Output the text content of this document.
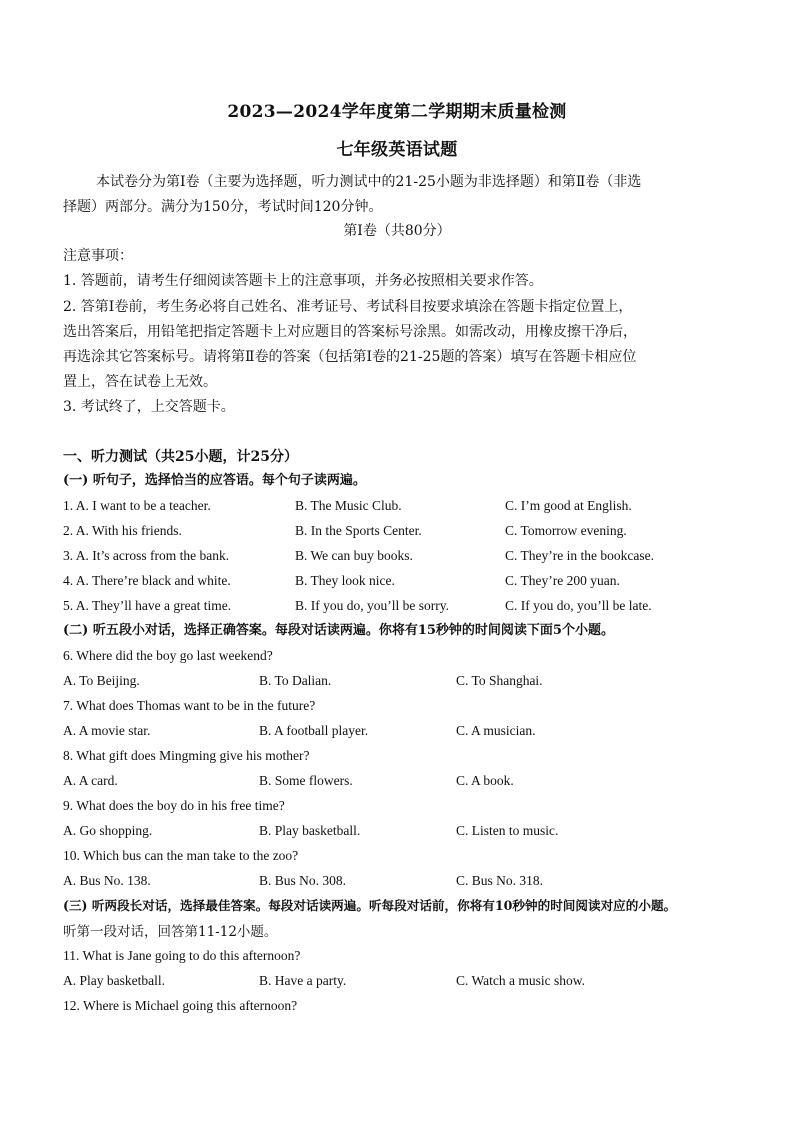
2023—2024学年度第二学期期末质量检测
七年级英语试题
本试卷分为第Ⅰ卷（主要为选择题，听力测试中的21-25小题为非选择题）和第Ⅱ卷（非选
择题）两部分。满分为150分，考试时间120分钟。
第Ⅰ卷（共80分）
注意事项：
1. 答题前，请考生仔细阅读答题卡上的注意事项，并务必按照相关要求作答。
2. 答第Ⅰ卷前，考生务必将自己姓名、准考证号、考试科目按要求填涂在答题卡指定位置上，
选出答案后，用铅笔把指定答题卡上对应题目的答案标号涂黑。如需改动，用橡皮擦干净后，
再选涂其它答案标号。请将第Ⅱ卷的答案（包括第Ⅰ卷的21-25题的答案）填写在答题卡相应位
置上，答在试卷上无效。
3. 考试终了，上交答题卡。
一、听力测试（共25小题，计25分）
(一) 听句子，选择恰当的应答语。每个句子读两遍。
1. A. I want to be a teacher.	B. The Music Club.	C. I’m good at English.
2. A. With his friends.	B. In the Sports Center.	C. Tomorrow evening.
3. A. It’s across from the bank.	B. We can buy books.	C. They’re in the bookcase.
4. A. There’re black and white.	B. They look nice.	C. They’re 200 yuan.
5. A. They’ll have a great time.	B. If you do, you’ll be sorry.	C. If you do, you’ll be late.
(二) 听五段小对话，选择正确答案。每段对话读两遍。你将有15秒钟的时间阅读下面5个小题。
6. Where did the boy go last weekend?
A. To Beijing.	B. To Dalian.	C. To Shanghai.
7. What does Thomas want to be in the future?
A. A movie star.	B. A football player.	C. A musician.
8. What gift does Mingming give his mother?
A. A card.	B. Some flowers.	C. A book.
9. What does the boy do in his free time?
A. Go shopping.	B. Play basketball.	C. Listen to music.
10. Which bus can the man take to the zoo?
A. Bus No. 138.	B. Bus No. 308.	C. Bus No. 318.
(三) 听两段长对话，选择最佳答案。每段对话读两遍。听每段对话前，你将有10秒钟的时间阅读对应的小题。
听第一段对话，回答第11-12小题。
11. What is Jane going to do this afternoon?
A. Play basketball.	B. Have a party.	C. Watch a music show.
12. Where is Michael going this afternoon?
